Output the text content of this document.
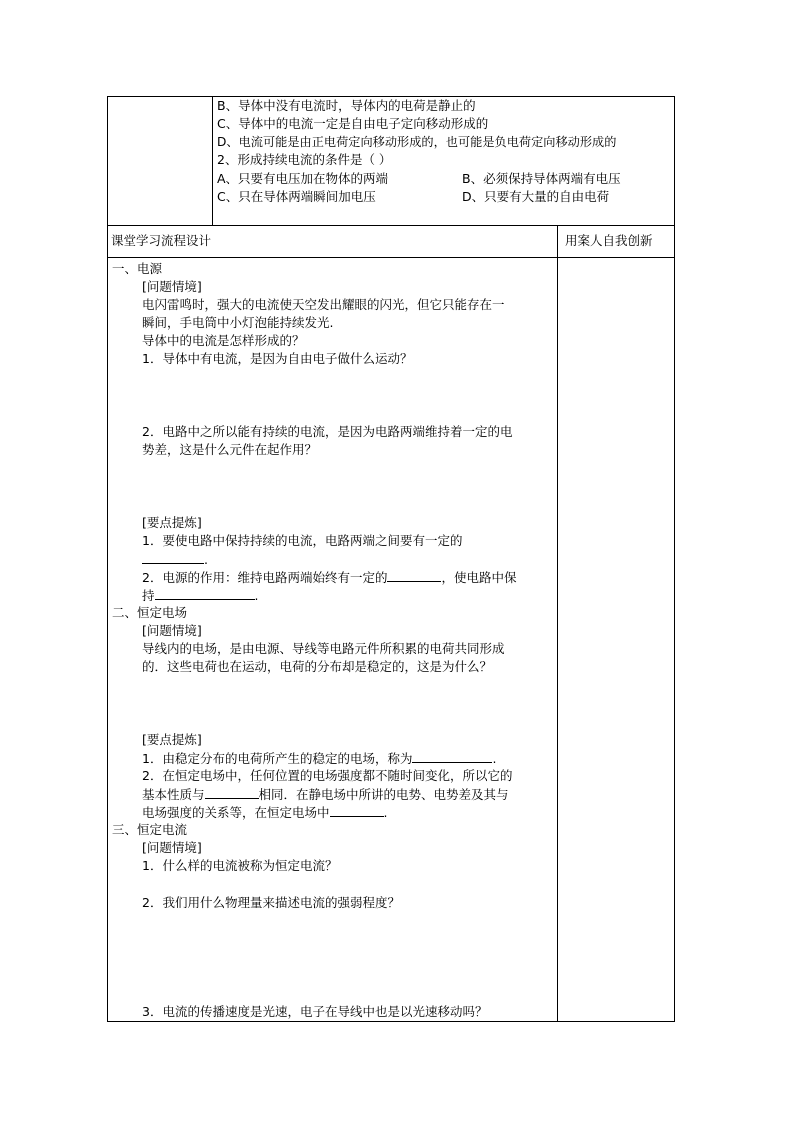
B、导体中没有电流时，导体内的电荷是静止的
C、导体中的电流一定是自由电子定向移动形成的
D、电流可能是由正电荷定向移动形成的，也可能是负电荷定向移动形成的
2、形成持续电流的条件是（ ）
A、只要有电压加在物体的两端	B、必须保持导体两端有电压
C、只在导体两端瞬间加电压	D、只要有大量的自由电荷
课堂学习流程设计	用案人自我创新
一、电源
[问题情境]
电闪雷鸣时，强大的电流使天空发出耀眼的闪光，但它只能存在一
瞬间，手电筒中小灯泡能持续发光.
导体中的电流是怎样形成的？
1．导体中有电流，是因为自由电子做什么运动？
2．电路中之所以能有持续的电流，是因为电路两端维持着一定的电
势差，这是什么元件在起作用？
[要点提炼]
1．要使电路中保持持续的电流，电路两端之间要有一定的
.
2．电源的作用：维持电路两端始终有一定的	，使电路中保
持	.
二、恒定电场
[问题情境]
导线内的电场，是由电源、导线等电路元件所积累的电荷共同形成
的．这些电荷也在运动，电荷的分布却是稳定的，这是为什么？
[要点提炼]
1．由稳定分布的电荷所产生的稳定的电场，称为	.
2．在恒定电场中，任何位置的电场强度都不随时间变化，所以它的
基本性质与	相同．在静电场中所讲的电势、电势差及其与
电场强度的关系等，在恒定电场中	.
三、恒定电流
[问题情境]
1．什么样的电流被称为恒定电流？
2．我们用什么物理量来描述电流的强弱程度？
3．电流的传播速度是光速，电子在导线中也是以光速移动吗？
